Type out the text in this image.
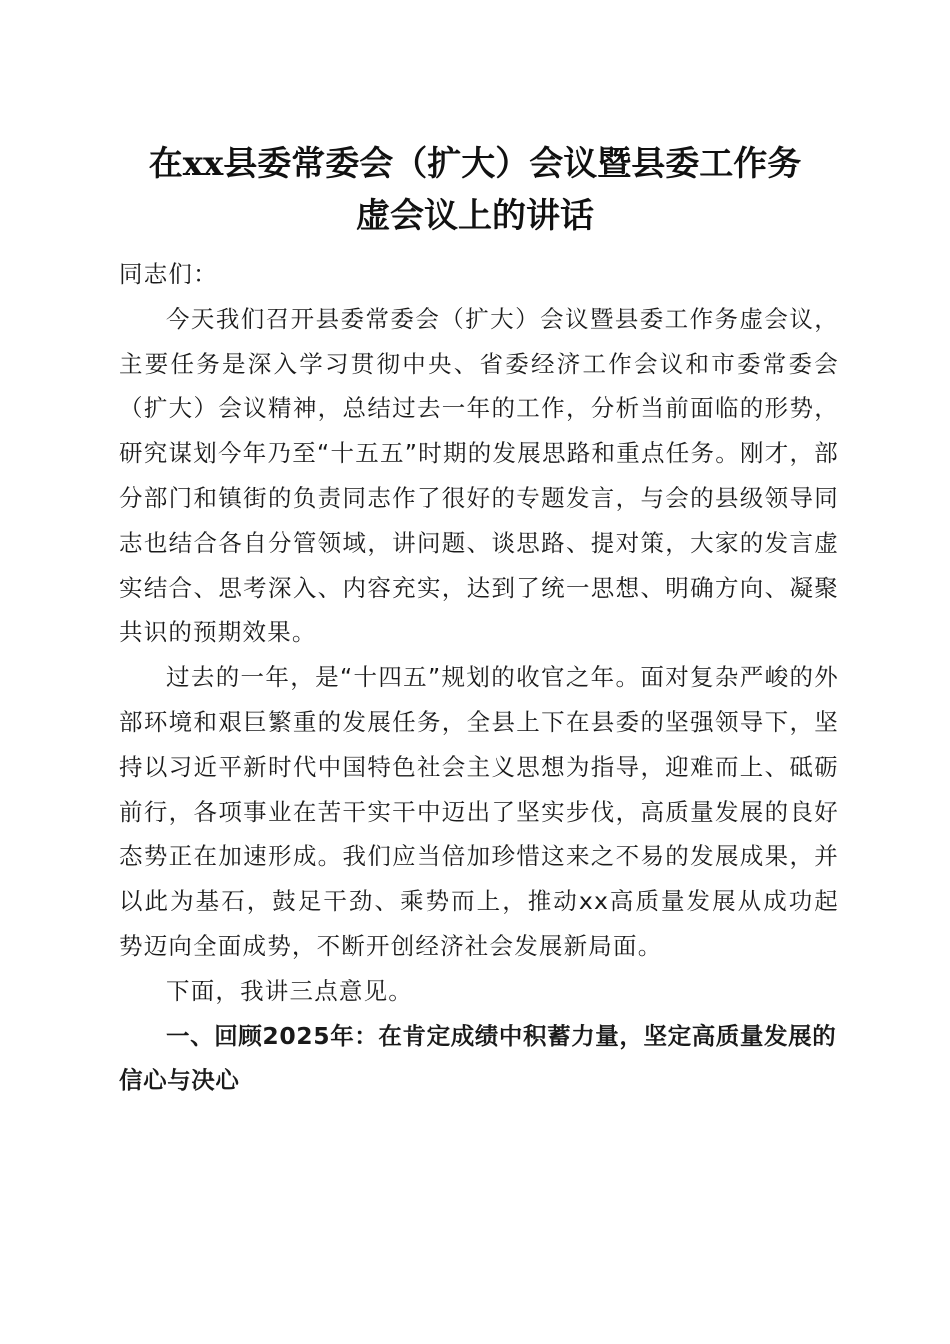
在xx县委常委会（扩大）会议暨县委工作务
虚会议上的讲话

同志们：

今天我们召开县委常委会（扩大）会议暨县委工作务虚会议，主要任务是深入学习贯彻中央、省委经济工作会议和市委常委会（扩大）会议精神，总结过去一年的工作，分析当前面临的形势，研究谋划今年乃至“十五五”时期的发展思路和重点任务。刚才，部分部门和镇街的负责同志作了很好的专题发言，与会的县级领导同志也结合各自分管领域，讲问题、谈思路、提对策，大家的发言虚实结合、思考深入、内容充实，达到了统一思想、明确方向、凝聚共识的预期效果。

过去的一年，是“十四五”规划的收官之年。面对复杂严峻的外部环境和艰巨繁重的发展任务，全县上下在县委的坚强领导下，坚持以习近平新时代中国特色社会主义思想为指导，迎难而上、砥砺前行，各项事业在苦干实干中迈出了坚实步伐，高质量发展的良好态势正在加速形成。我们应当倍加珍惜这来之不易的发展成果，并以此为基石，鼓足干劲、乘势而上，推动xx高质量发展从成功起势迈向全面成势，不断开创经济社会发展新局面。

下面，我讲三点意见。

一、回顾2025年：在肯定成绩中积蓄力量，坚定高质量发展的信心与决心
